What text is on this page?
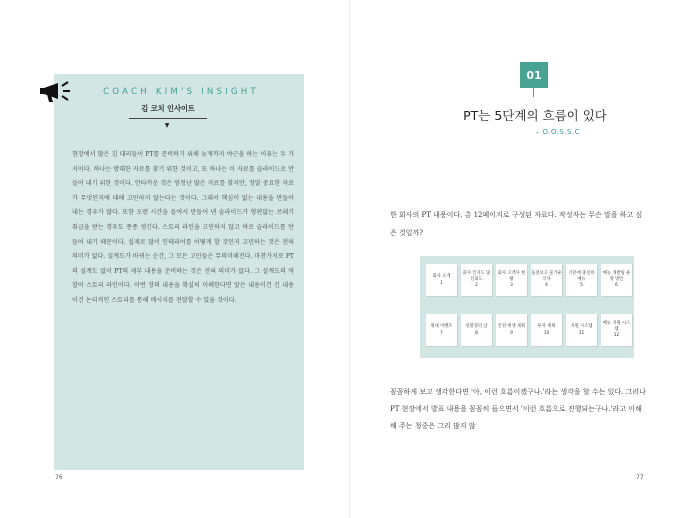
COACH KIM'S INSIGHT
김 코치 인사이트
▼

현장에서 많은 김 대리들이 PT를 준비하기 위해 늦게까지 야근을 하는 이유는 두 가지이다. 하나는 방대한 자료를 찾기 위한 것이고, 또 하나는 이 자료를 슬라이드로 만들어 내기 위한 것이다. 안타까운 것은 엄청난 많은 자료를 찾지만, 정말 중요한 자료가 무엇인지에 대해 고민하지 않는다는 것이다. 그래서 핵심이 없는 내용을 만들어 내는 경우가 많다. 또한 오랜 시간을 들여서 만들어 낸 슬라이드가 형편없는 쓰레기 취급을 받는 경우도 종종 생긴다. 스토리 라인을 고민하지 않고 바로 슬라이드를 만들어 내기 때문이다. 실제로 많이 인테리어를 어떻게 할 것인지 고민하는 것은 전혀 의미가 없다. 설계도가 바뀌는 순간, 그 모든 고민들은 무의미해진다. 마찬가지로 PT의 설계도 없이 PT의 세부 내용을 준비하는 것은 전혀 의미가 없다. 그 설계도의 역할이 스토리 라인이다. 이번 장의 내용을 확실히 이해한다면 앞은 내용이건 긴 내용이건 논리적인 스토리를 통해 메시지를 전달할 수 있을 것이다.

76
01
PT는 5단계의 흐름이 있다
– O.O.S.S.C

한 회사의 PT 내용이다. 총 12페이지로 구성된 자료다. 작성자는 무슨 말을 하고 싶은 것일까?

회사 소개
1
회사 인지도 및 신뢰도
2
회사 고객사 현황
3
품질보고 물거운 식사
4
기분에 충실한 메뉴
5
메뉴 개발팀 운영 방안
6
위대 이벤트
7
친환경의 날
8
안전·위생 계획
9
투자 계획
10
지원 시스템
11
메뉴 지원 시스템
12

꼼꼼하게 보고 생각한다면 '아, 이런 흐름이겠구나.'라는 생각을 할 수는 있다. 그러나 PT 현장에서 발표 내용을 꼼꼼히 들으면서 '이런 흐름으로 진행되는구나.'라고 이해해 주는 청중은 그리 많지 않

77
